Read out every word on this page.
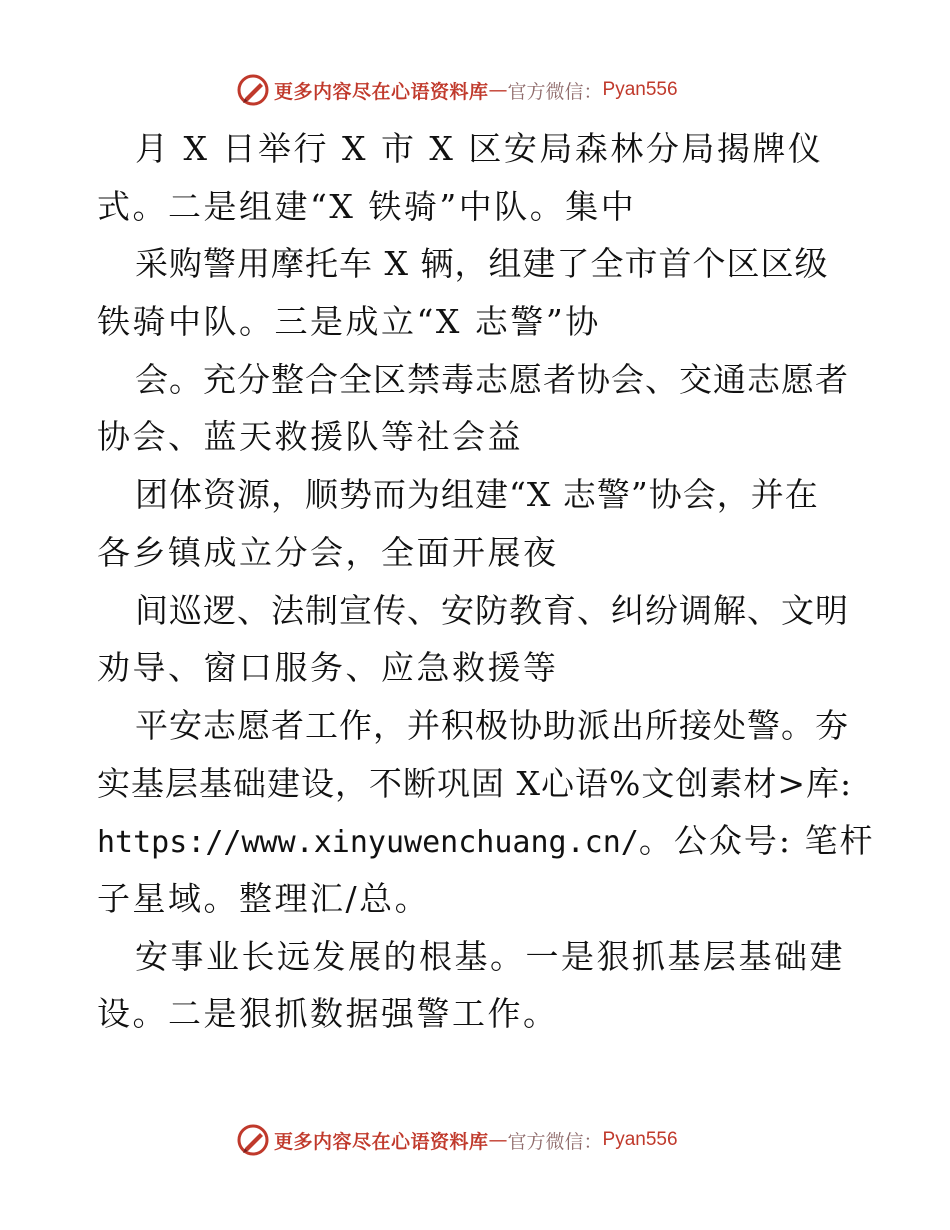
更多内容尽在心语资料库 — 官方微信： Pyan556
月 X 日举行 X 市 X 区安局森林分局揭牌仪
式。二是组建“X 铁骑”中队。集中
采购警用摩托车 X 辆，组建了全市首个区区级
铁骑中队。三是成立“X 志警”协
会。充分整合全区禁毒志愿者协会、交通志愿者
协会、蓝天救援队等社会益
团体资源，顺势而为组建“X 志警”协会，并在
各乡镇成立分会，全面开展夜
间巡逻、法制宣传、安防教育、纠纷调解、文明
劝导、窗口服务、应急救援等
平安志愿者工作，并积极协助派出所接处警。夯
实基层基础建设，不断巩固 X心语%文创素材>库:
https://www.xinyuwenchuang.cn/。公众号: 笔杆
子星域。整理汇/总。
安事业长远发展的根基。一是狠抓基层基础建
设。二是狠抓数据强警工作。
更多内容尽在心语资料库 — 官方微信： Pyan556
